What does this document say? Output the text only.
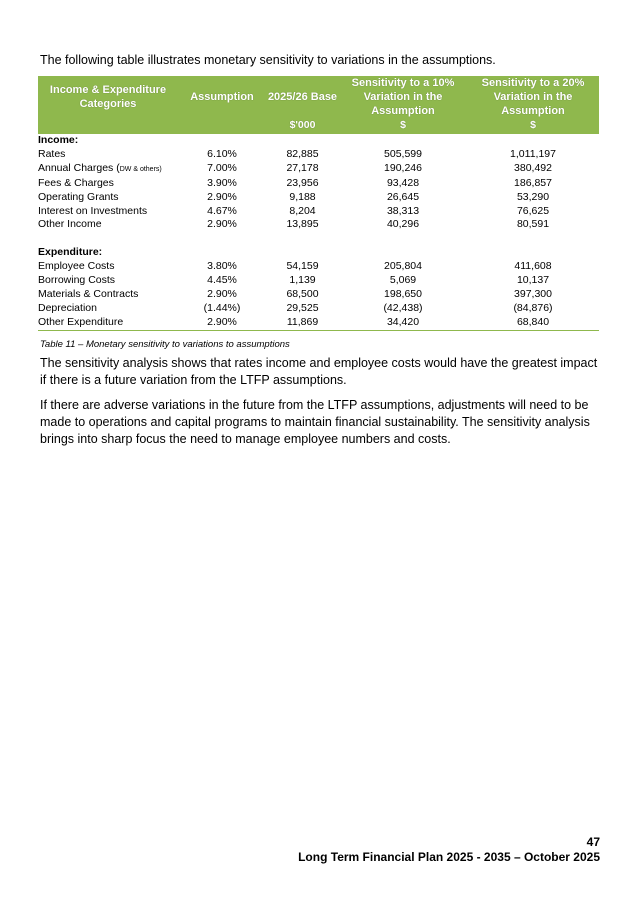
The following table illustrates monetary sensitivity to variations in the assumptions.
Income & Expenditure Categories	Assumption	2025/26 Base	Sensitivity to a 10% Variation in the Assumption	Sensitivity to a 20% Variation in the Assumption
		$'000	$	$
Income:				
Rates	6.10%	82,885	505,599	1,011,197
Annual Charges (DW & others)	7.00%	27,178	190,246	380,492
Fees & Charges	3.90%	23,956	93,428	186,857
Operating Grants	2.90%	9,188	26,645	53,290
Interest on Investments	4.67%	8,204	38,313	76,625
Other Income	2.90%	13,895	40,296	80,591

Expenditure:				
Employee Costs	3.80%	54,159	205,804	411,608
Borrowing Costs	4.45%	1,139	5,069	10,137
Materials & Contracts	2.90%	68,500	198,650	397,300
Depreciation	(1.44%)	29,525	(42,438)	(84,876)
Other Expenditure	2.90%	11,869	34,420	68,840
Table 11 – Monetary sensitivity to variations to assumptions
The sensitivity analysis shows that rates income and employee costs would have the greatest impact if there is a future variation from the LTFP assumptions.
If there are adverse variations in the future from the LTFP assumptions, adjustments will need to be made to operations and capital programs to maintain financial sustainability. The sensitivity analysis brings into sharp focus the need to manage employee numbers and costs.
47
Long Term Financial Plan 2025 - 2035 – October 2025
